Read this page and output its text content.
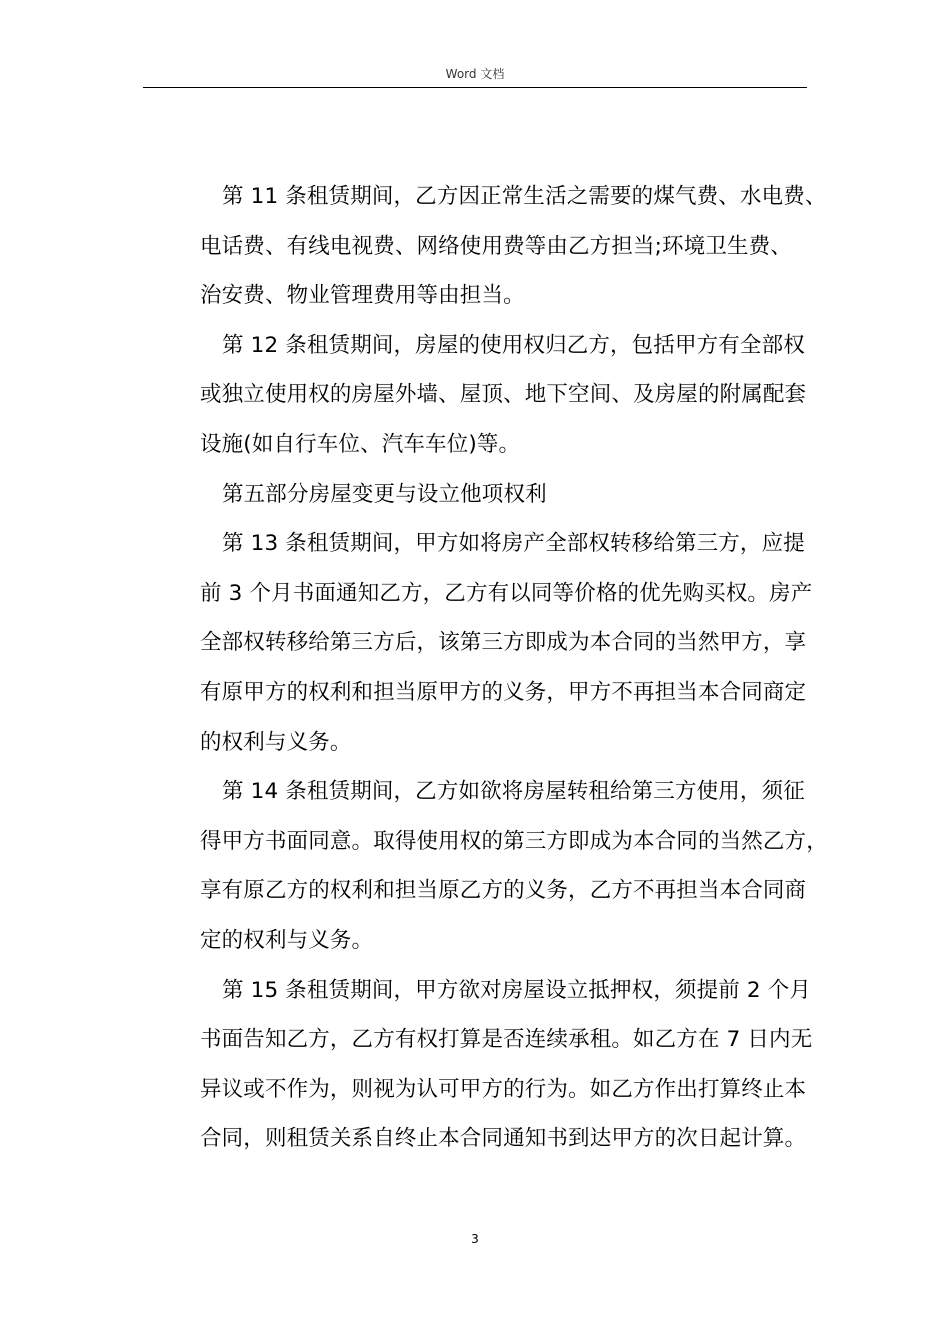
Word 文档
第 11 条租赁期间，乙方因正常生活之需要的煤气费、水电费、
电话费、有线电视费、网络使用费等由乙方担当;环境卫生费、
治安费、物业管理费用等由担当。
第 12 条租赁期间，房屋的使用权归乙方，包括甲方有全部权
或独立使用权的房屋外墙、屋顶、地下空间、及房屋的附属配套
设施(如自行车位、汽车车位)等。
第五部分房屋变更与设立他项权利
第 13 条租赁期间，甲方如将房产全部权转移给第三方，应提
前 3 个月书面通知乙方，乙方有以同等价格的优先购买权。房产
全部权转移给第三方后，该第三方即成为本合同的当然甲方，享
有原甲方的权利和担当原甲方的义务，甲方不再担当本合同商定
的权利与义务。
第 14 条租赁期间，乙方如欲将房屋转租给第三方使用，须征
得甲方书面同意。取得使用权的第三方即成为本合同的当然乙方，
享有原乙方的权利和担当原乙方的义务，乙方不再担当本合同商
定的权利与义务。
第 15 条租赁期间，甲方欲对房屋设立抵押权，须提前 2 个月
书面告知乙方，乙方有权打算是否连续承租。如乙方在 7 日内无
异议或不作为，则视为认可甲方的行为。如乙方作出打算终止本
合同，则租赁关系自终止本合同通知书到达甲方的次日起计算。
3
